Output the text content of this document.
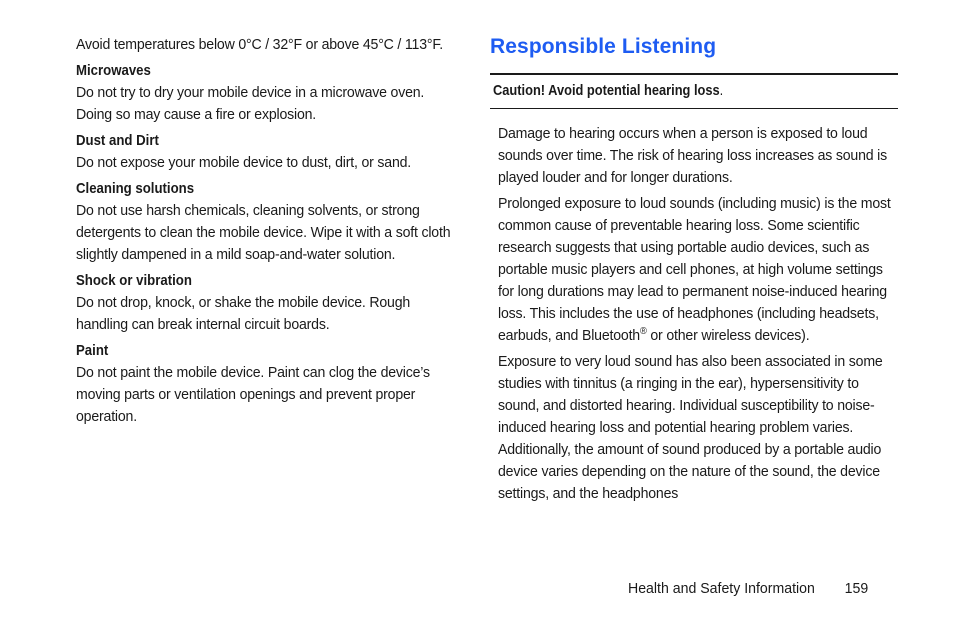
Avoid temperatures below 0°C / 32°F or above 45°C / 113°F.

Microwaves

Do not try to dry your mobile device in a microwave oven. Doing so may cause a fire or explosion.

Dust and Dirt

Do not expose your mobile device to dust, dirt, or sand.

Cleaning solutions

Do not use harsh chemicals, cleaning solvents, or strong detergents to clean the mobile device. Wipe it with a soft cloth slightly dampened in a mild soap-and-water solution.

Shock or vibration

Do not drop, knock, or shake the mobile device. Rough handling can break internal circuit boards.

Paint

Do not paint the mobile device. Paint can clog the device’s moving parts or ventilation openings and prevent proper operation.

Responsible Listening
Caution! Avoid potential hearing loss.

Damage to hearing occurs when a person is exposed to loud sounds over time. The risk of hearing loss increases as sound is played louder and for longer durations.

Prolonged exposure to loud sounds (including music) is the most common cause of preventable hearing loss. Some scientific research suggests that using portable audio devices, such as portable music players and cell phones, at high volume settings for long durations may lead to permanent noise-induced hearing loss. This includes the use of headphones (including headsets, earbuds, and Bluetooth® or other wireless devices).

Exposure to very loud sound has also been associated in some studies with tinnitus (a ringing in the ear), hypersensitivity to sound, and distorted hearing. Individual susceptibility to noise-induced hearing loss and potential hearing problem varies. Additionally, the amount of sound produced by a portable audio device varies depending on the nature of the sound, the device settings, and the headphones

Health and Safety Information 159
